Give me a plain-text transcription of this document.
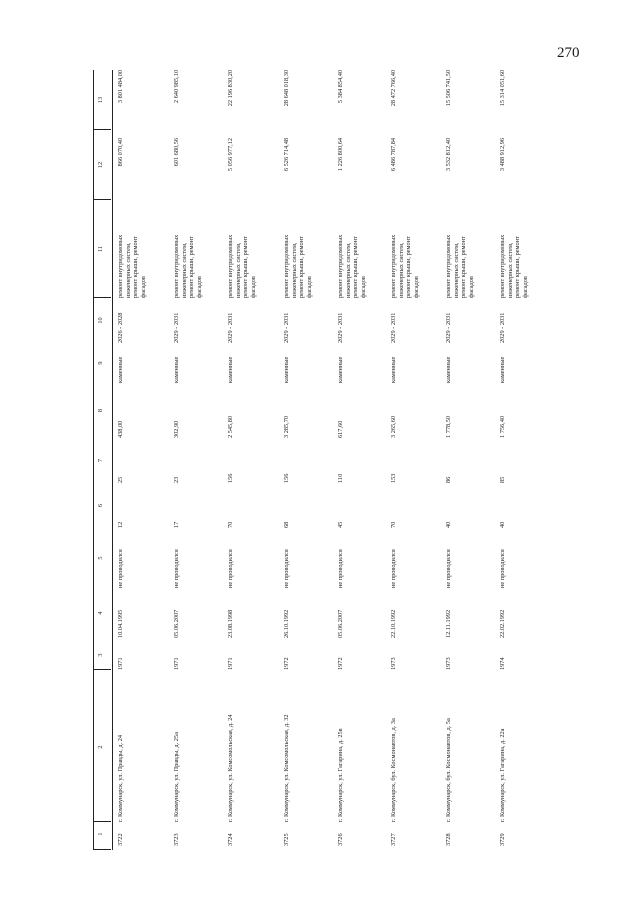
270
1
2
3
4
5
6
7
8
9
10
11
12
13
3722
г. Коммунарск, ул. Правды, д. 24
1971
10.04.1995
не проводился
12
25
438,00
каменные
2026 - 2028
ремонт внутридомовых инженерных систем, ремонт крыши, ремонт фасадов
866 070,40
3 801 484,00
3723
г. Коммунарск, ул. Правды, д. 25а
1971
05.06.2007
не проводился
17
23
302,90
каменные
2029 - 2031
ремонт внутридомовых инженерных систем, ремонт крыши, ремонт фасадов
601 680,56
2 640 985,10
3724
г. Коммунарск, ул. Комсомольская, д. 24
1971
23.08.1998
не проводился
70
156
2 545,80
каменные
2029 - 2031
ремонт внутридомовых инженерных систем, ремонт крыши, ремонт фасадов
5 056 977,12
22 196 830,20
3725
г. Коммунарск, ул. Комсомольская, д. 32
1972
26.10.1992
не проводился
68
156
3 285,70
каменные
2029 - 2031
ремонт внутридомовых инженерных систем, ремонт крыши, ремонт фасадов
6 526 714,48
28 648 018,30
3726
г. Коммунарск, ул. Гагарина, д. 25в
1972
05.06.2007
не проводился
45
110
617,60
каменные
2029 - 2031
ремонт внутридомовых инженерных систем, ремонт крыши, ремонт фасадов
1 226 800,64
5 384 854,40
3727
г. Коммунарск, бул. Космонавтов, д. 3а
1973
22.10.1992
не проводился
70
153
3 265,60
каменные
2029 - 2031
ремонт внутридомовых инженерных систем, ремонт крыши, ремонт фасадов
6 486 787,84
28 472 766,40
3728
г. Коммунарск, бул. Космонавтов, д. 5а
1973
12.11.1992
не проводился
40
86
1 778,50
каменные
2029 - 2031
ремонт внутридомовых инженерных систем, ремонт крыши, ремонт фасадов
3 532 812,40
15 506 741,50
3729
г. Коммунарск, ул. Гагарина, д. 22а
1974
22.02.1992
не проводился
40
85
1 756,40
каменные
2029 - 2031
ремонт внутридомовых инженерных систем, ремонт крыши, ремонт фасадов
3 488 912,96
15 314 051,60
